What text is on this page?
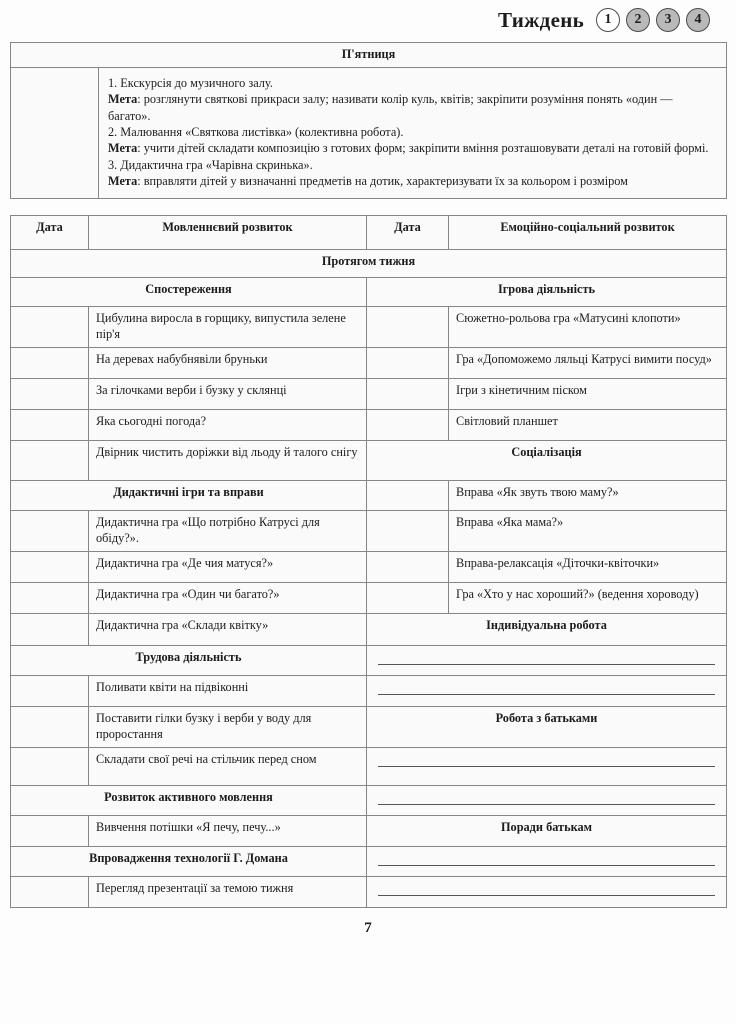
Тиждень	1	2	3	4
П'ятниця

1. Екскурсія до музичного залу.
Мета: розглянути святкові прикраси залу; називати колір куль, квітів; закріпити розуміння понять «один — багато».
2. Малювання «Святкова листівка» (колективна робота).
Мета: учити дітей складати композицію з готових форм; закріпити вміння розташовувати деталі на готовій формі.
3. Дидактична гра «Чарівна скринька».
Мета: вправляти дітей у визначанні предметів на дотик, характеризувати їх за кольором і розміром
Дата	Мовленнєвий розвиток	Дата	Емоційно-соціальний розвиток
Протягом тижня			
Спостереження		Ігрова діяльність	
	Цибулина виросла в горщику, випустила зелене пір'я		Сюжетно-рольова гра «Матусині клопоти»
	На деревах набубнявіли бруньки		Гра «Допоможемо ляльці Катрусі вимити посуд»
	За гілочками верби і бузку у склянці		Ігри з кінетичним піском
	Яка сьогодні погода?		Світловий планшет
	Двірник чистить доріжки від льоду й талого снігу	Соціалізація	
Дидактичні ігри та вправи			Вправа «Як звуть твою маму?»
	Дидактична гра «Що потрібно Катрусі для обіду?».		Вправа «Яка мама?»
	Дидактична гра «Де чия матуся?»		Вправа-релаксація «Діточки-квіточки»
	Дидактична гра «Один чи багато?»		Гра «Хто у нас хороший?» (ведення хороводу)
	Дидактична гра «Склади квітку»	Індивідуальна робота	
Трудова діяльність			

	Поливати квіти на підвіконні		

	Поставити гілки бузку і верби у воду для проростання	Робота з батьками	
	Складати свої речі на стільчик перед сном		

Розвиток активного мовлення			

	Вивчення потішки «Я печу, печу...»	Поради батькам	
Впровадження технології Г. Домана			

	Перегляд презентації за темою тижня		
7
